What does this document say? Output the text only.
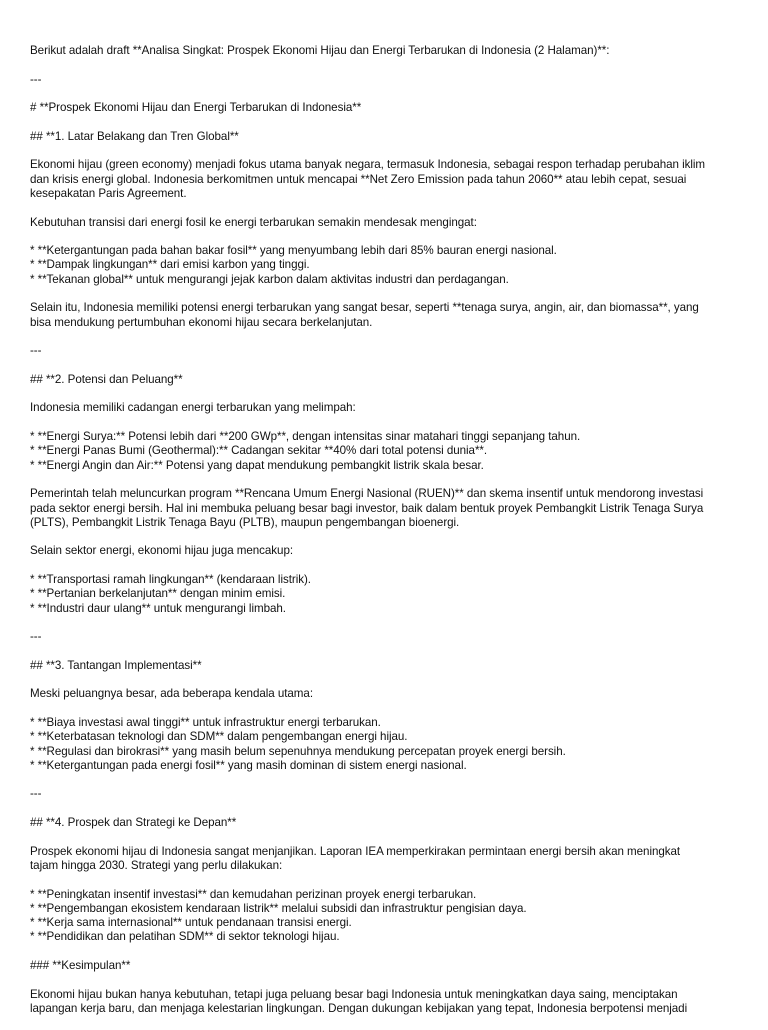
Berikut adalah draft **Analisa Singkat: Prospek Ekonomi Hijau dan Energi Terbarukan di Indonesia (2 Halaman)**:
---
# **Prospek Ekonomi Hijau dan Energi Terbarukan di Indonesia**
## **1. Latar Belakang dan Tren Global**
Ekonomi hijau (green economy) menjadi fokus utama banyak negara, termasuk Indonesia, sebagai respon terhadap perubahan iklim
dan krisis energi global. Indonesia berkomitmen untuk mencapai **Net Zero Emission pada tahun 2060** atau lebih cepat, sesuai
kesepakatan Paris Agreement.
Kebutuhan transisi dari energi fosil ke energi terbarukan semakin mendesak mengingat:
* **Ketergantungan pada bahan bakar fosil** yang menyumbang lebih dari 85% bauran energi nasional.
* **Dampak lingkungan** dari emisi karbon yang tinggi.
* **Tekanan global** untuk mengurangi jejak karbon dalam aktivitas industri dan perdagangan.
Selain itu, Indonesia memiliki potensi energi terbarukan yang sangat besar, seperti **tenaga surya, angin, air, dan biomassa**, yang
bisa mendukung pertumbuhan ekonomi hijau secara berkelanjutan.
---
## **2. Potensi dan Peluang**
Indonesia memiliki cadangan energi terbarukan yang melimpah:
* **Energi Surya:** Potensi lebih dari **200 GWp**, dengan intensitas sinar matahari tinggi sepanjang tahun.
* **Energi Panas Bumi (Geothermal):** Cadangan sekitar **40% dari total potensi dunia**.
* **Energi Angin dan Air:** Potensi yang dapat mendukung pembangkit listrik skala besar.
Pemerintah telah meluncurkan program **Rencana Umum Energi Nasional (RUEN)** dan skema insentif untuk mendorong investasi
pada sektor energi bersih. Hal ini membuka peluang besar bagi investor, baik dalam bentuk proyek Pembangkit Listrik Tenaga Surya
(PLTS), Pembangkit Listrik Tenaga Bayu (PLTB), maupun pengembangan bioenergi.
Selain sektor energi, ekonomi hijau juga mencakup:
* **Transportasi ramah lingkungan** (kendaraan listrik).
* **Pertanian berkelanjutan** dengan minim emisi.
* **Industri daur ulang** untuk mengurangi limbah.
---
## **3. Tantangan Implementasi**
Meski peluangnya besar, ada beberapa kendala utama:
* **Biaya investasi awal tinggi** untuk infrastruktur energi terbarukan.
* **Keterbatasan teknologi dan SDM** dalam pengembangan energi hijau.
* **Regulasi dan birokrasi** yang masih belum sepenuhnya mendukung percepatan proyek energi bersih.
* **Ketergantungan pada energi fosil** yang masih dominan di sistem energi nasional.
---
## **4. Prospek dan Strategi ke Depan**
Prospek ekonomi hijau di Indonesia sangat menjanjikan. Laporan IEA memperkirakan permintaan energi bersih akan meningkat
tajam hingga 2030. Strategi yang perlu dilakukan:
* **Peningkatan insentif investasi** dan kemudahan perizinan proyek energi terbarukan.
* **Pengembangan ekosistem kendaraan listrik** melalui subsidi dan infrastruktur pengisian daya.
* **Kerja sama internasional** untuk pendanaan transisi energi.
* **Pendidikan dan pelatihan SDM** di sektor teknologi hijau.
### **Kesimpulan**
Ekonomi hijau bukan hanya kebutuhan, tetapi juga peluang besar bagi Indonesia untuk meningkatkan daya saing, menciptakan
lapangan kerja baru, dan menjaga kelestarian lingkungan. Dengan dukungan kebijakan yang tepat, Indonesia berpotensi menjadi
